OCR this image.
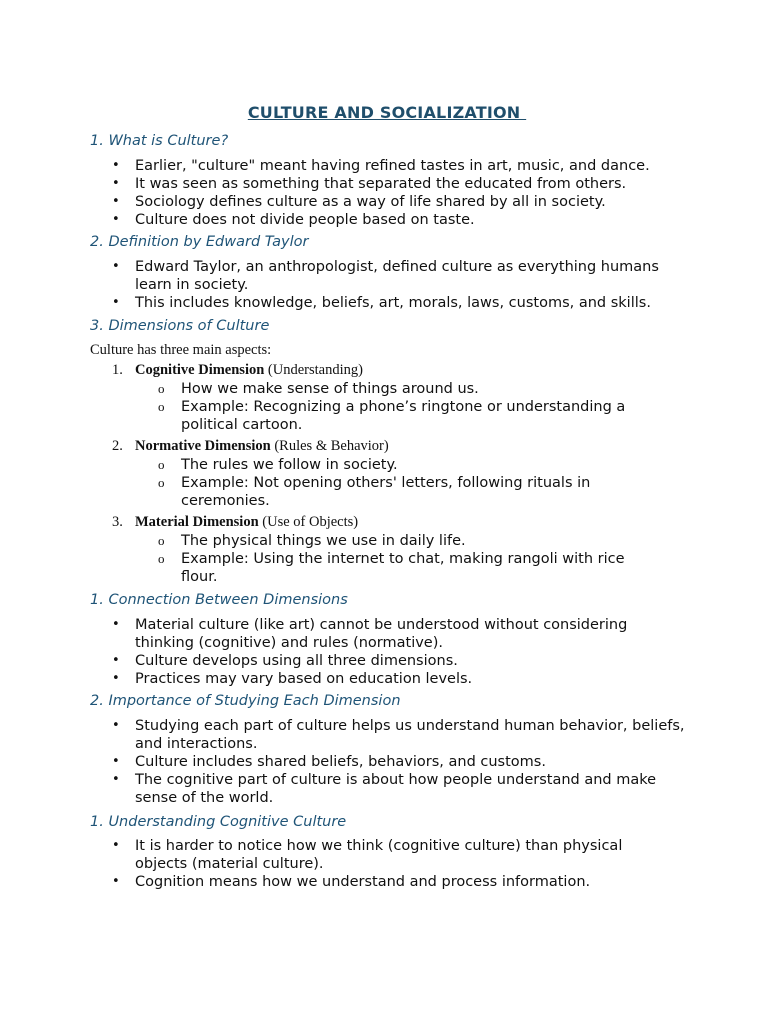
CULTURE AND SOCIALIZATION
1. What is Culture?
• Earlier, "culture" meant having refined tastes in art, music, and dance.
• It was seen as something that separated the educated from others.
• Sociology defines culture as a way of life shared by all in society.
• Culture does not divide people based on taste.
2. Definition by Edward Taylor
• Edward Taylor, an anthropologist, defined culture as everything humans learn in society.
• This includes knowledge, beliefs, art, morals, laws, customs, and skills.
3. Dimensions of Culture
Culture has three main aspects:
1. Cognitive Dimension (Understanding)
o How we make sense of things around us.
o Example: Recognizing a phone’s ringtone or understanding a political cartoon.
2. Normative Dimension (Rules & Behavior)
o The rules we follow in society.
o Example: Not opening others' letters, following rituals in ceremonies.
3. Material Dimension (Use of Objects)
o The physical things we use in daily life.
o Example: Using the internet to chat, making rangoli with rice flour.
1. Connection Between Dimensions
• Material culture (like art) cannot be understood without considering thinking (cognitive) and rules (normative).
• Culture develops using all three dimensions.
• Practices may vary based on education levels.
2. Importance of Studying Each Dimension
• Studying each part of culture helps us understand human behavior, beliefs, and interactions.
• Culture includes shared beliefs, behaviors, and customs.
• The cognitive part of culture is about how people understand and make sense of the world.
1. Understanding Cognitive Culture
• It is harder to notice how we think (cognitive culture) than physical objects (material culture).
• Cognition means how we understand and process information.
